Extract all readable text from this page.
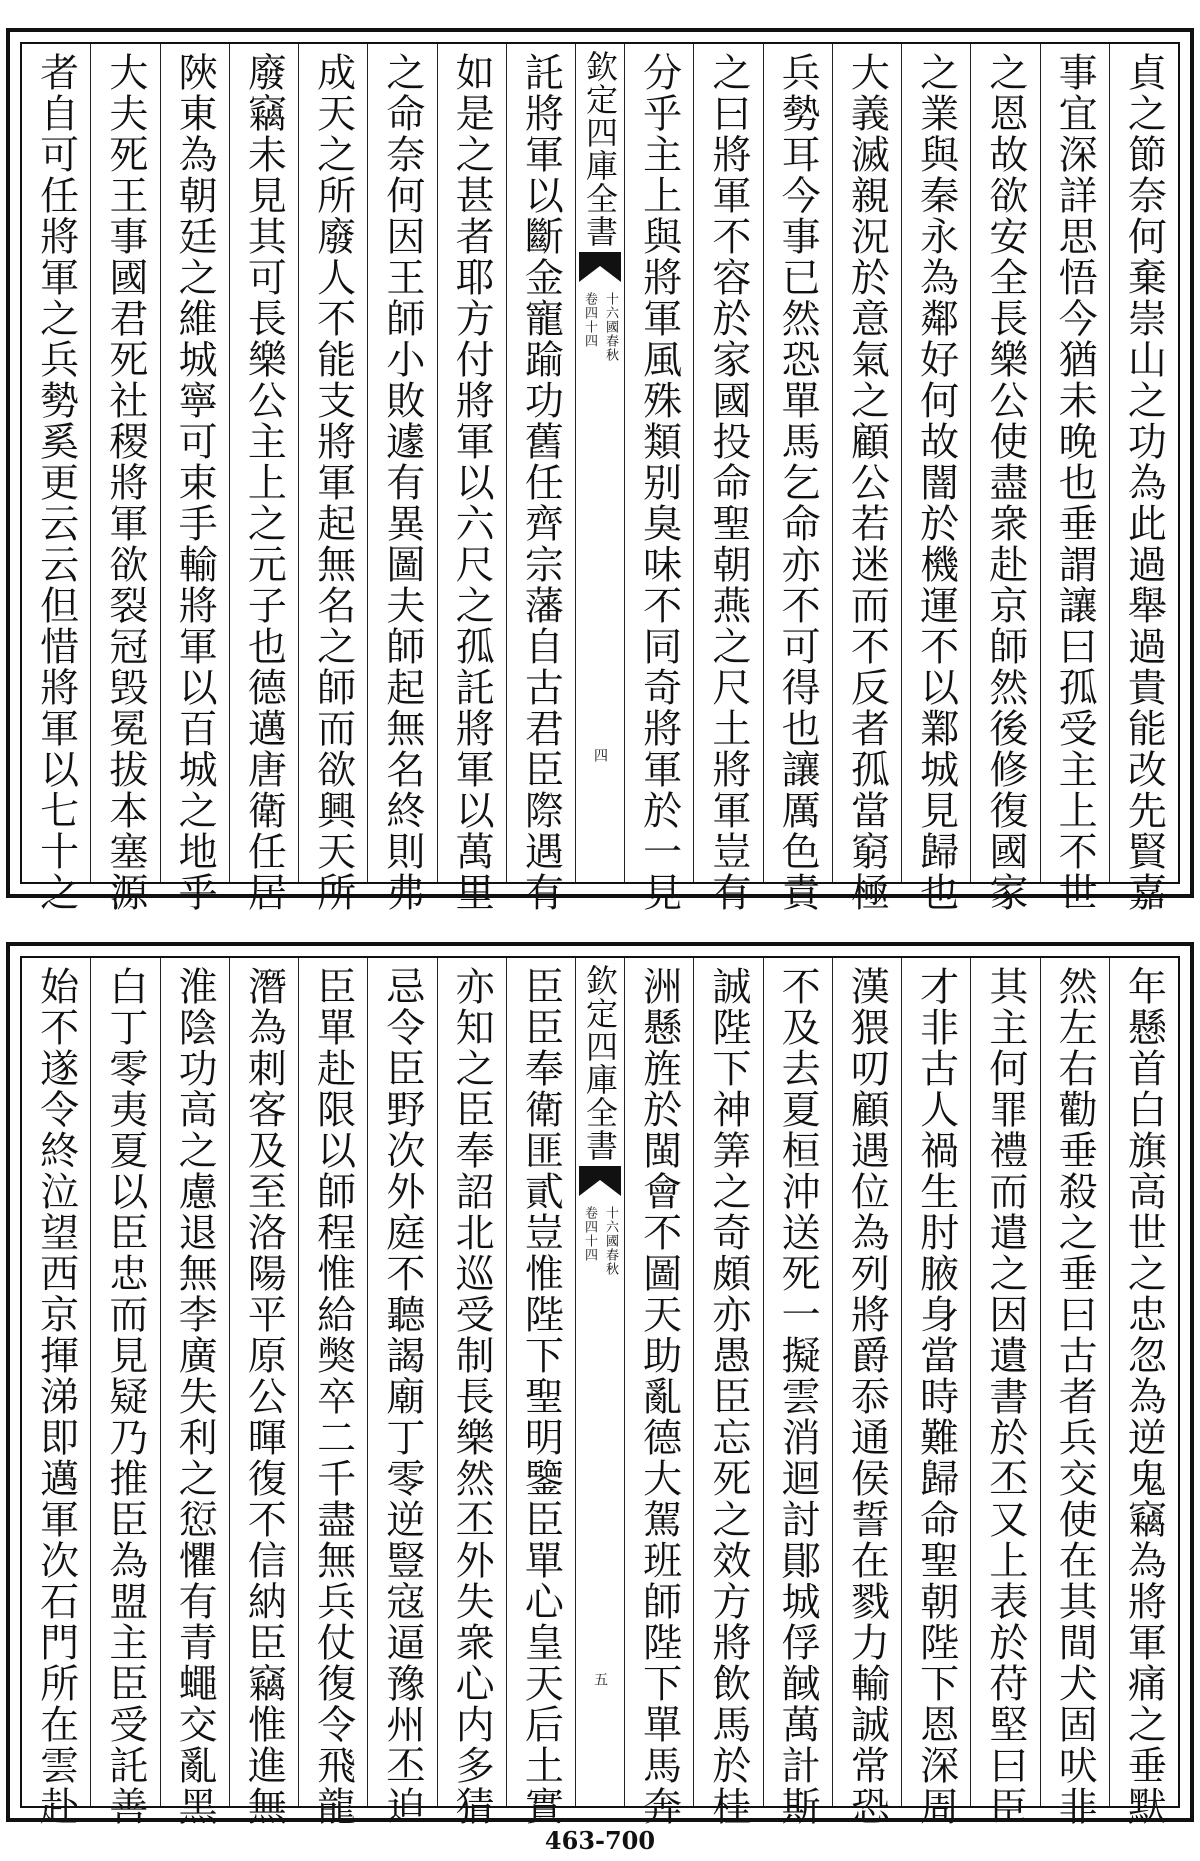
貞之節奈何棄崇山之功為此過舉過貴能改先賢嘉
事宜深詳思悟今猶未晚也垂謂讓曰孤受主上不世
之恩故欲安全長樂公使盡衆赴京師然後修復國家
之業與秦永為鄰好何故闇於機運不以鄴城見歸也
大義滅親況於意氣之顧公若迷而不反者孤當窮極
兵勢耳今事已然恐單馬乞命亦不可得也讓厲色責
之曰將軍不容於家國投命聖朝燕之尺土將軍豈有
分乎主上與將軍風殊類别臭味不同奇將軍於一見
欽定四庫全書
十六國春秋
卷四十四
四
託將軍以斷金寵踰功舊任齊宗藩自古君臣際遇有
如是之甚者耶方付將軍以六尺之孤託將軍以萬里
之命奈何因王師小敗遽有異圖夫師起無名終則弗
成天之所廢人不能支將軍起無名之師而欲興天所
廢竊未見其可長樂公主上之元子也德邁唐衛任居
陜東為朝廷之維城寧可束手輸將軍以百城之地乎
大夫死王事國君死社稷將軍欲裂冠毁冕拔本塞源
者自可任將軍之兵勢奚更云云但惜將軍以七十之
年懸首白旗高世之忠忽為逆鬼竊為將軍痛之垂默
然左右勸垂殺之垂曰古者兵交使在其間犬固吠非
其主何罪禮而遣之因遺書於丕又上表於苻堅曰臣
才非古人禍生肘腋身當時難歸命聖朝陛下恩深周
漢猥叨顧遇位為列將爵忝通侯誓在戮力輸誠常恐
不及去夏桓沖送死一擬雲消迴討鄖城俘馘萬計斯
誠陛下神筭之奇頗亦愚臣忘死之效方將飲馬於桂
洲懸旌於閩會不圖天助亂德大駕班師陛下單馬奔
欽定四庫全書
十六國春秋
卷四十四
五
臣臣奉衛匪貳豈惟陛下聖明鑒臣單心皇天后土實
亦知之臣奉詔北巡受制長樂然丕外失衆心内多猜
忌令臣野次外庭不聽謁廟丁零逆豎寇逼豫州丕迫
臣單赴限以師程惟給獘卒二千盡無兵仗復令飛龍
潛為刺客及至洛陽平原公暉復不信納臣竊惟進無
淮陰功高之慮退無李廣失利之愆懼有青蠅交亂黑
白丁零夷夏以臣忠而見疑乃推臣為盟主臣受託善
始不遂令終泣望西京揮涕即邁軍次石門所在雲赴
463-700
